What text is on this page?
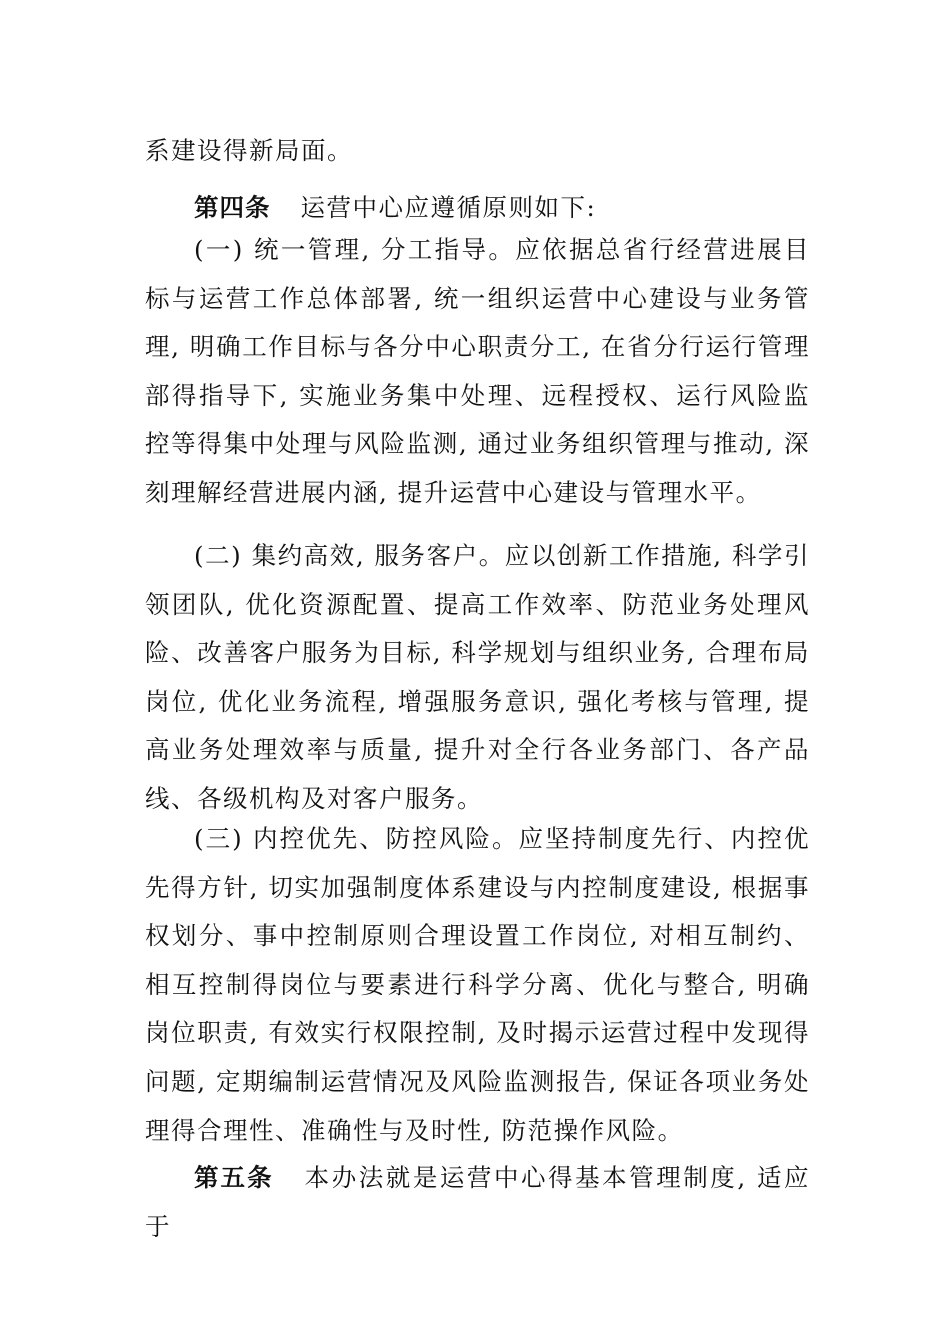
系建设得新局面。

第四条 运营中心应遵循原则如下:

(一) 统一管理, 分工指导。应依据总省行经营进展目标与运营工作总体部署, 统一组织运营中心建设与业务管理, 明确工作目标与各分中心职责分工, 在省分行运行管理部得指导下, 实施业务集中处理、远程授权、运行风险监控等得集中处理与风险监测, 通过业务组织管理与推动, 深刻理解经营进展内涵, 提升运营中心建设与管理水平。

(二) 集约高效, 服务客户。应以创新工作措施, 科学引领团队, 优化资源配置、提高工作效率、防范业务处理风险、改善客户服务为目标, 科学规划与组织业务, 合理布局岗位, 优化业务流程, 增强服务意识, 强化考核与管理, 提高业务处理效率与质量, 提升对全行各业务部门、各产品线、各级机构及对客户服务。

(三) 内控优先、防控风险。应坚持制度先行、内控优先得方针, 切实加强制度体系建设与内控制度建设, 根据事权划分、事中控制原则合理设置工作岗位, 对相互制约、相互控制得岗位与要素进行科学分离、优化与整合, 明确岗位职责, 有效实行权限控制, 及时揭示运营过程中发现得问题, 定期编制运营情况及风险监测报告, 保证各项业务处理得合理性、准确性与及时性, 防范操作风险。

第五条 本办法就是运营中心得基本管理制度, 适应于
